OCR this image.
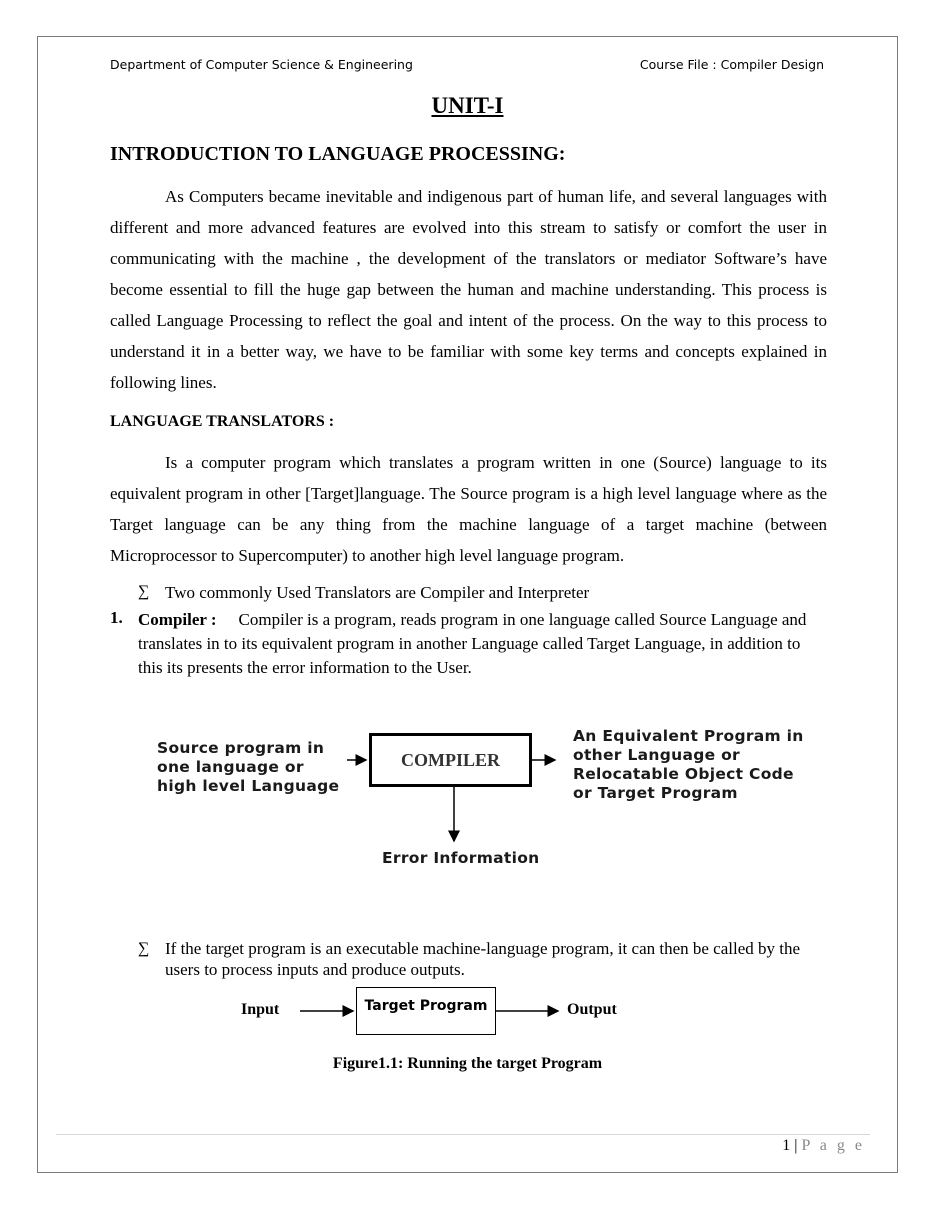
Department of Computer Science & Engineering	Course File : Compiler Design
UNIT-I
INTRODUCTION TO LANGUAGE PROCESSING:

As Computers became inevitable and indigenous part of human life, and several languages with different and more advanced features are evolved into this stream to satisfy or comfort the user in communicating with the machine , the development of the translators or mediator Software’s have become essential to fill the huge gap between the human and machine understanding. This process is called Language Processing to reflect the goal and intent of the process. On the way to this process to understand it in a better way, we have to be familiar with some key terms and concepts explained in following lines.

LANGUAGE TRANSLATORS :

Is a computer program which translates a program written in one (Source) language to its equivalent program in other [Target]language. The Source program is a high level language where as the Target language can be any thing from the machine language of a target machine (between Microprocessor to Supercomputer) to another high level language program.

∑ Two commonly Used Translators are Compiler and Interpreter
1. Compiler : Compiler is a program, reads program in one language called Source Language and translates in to its equivalent program in another Language called Target Language, in addition to this its presents the error information to the User.
Source program in one language or high level Language
COMPILER
An Equivalent Program in other Language or Relocatable Object Code or Target Program
Error Information
∑ If the target program is an executable machine-language program, it can then be called by the users to process inputs and produce outputs.
Input	Target Program	Output
Figure1.1: Running the target Program
1 | P a g e
